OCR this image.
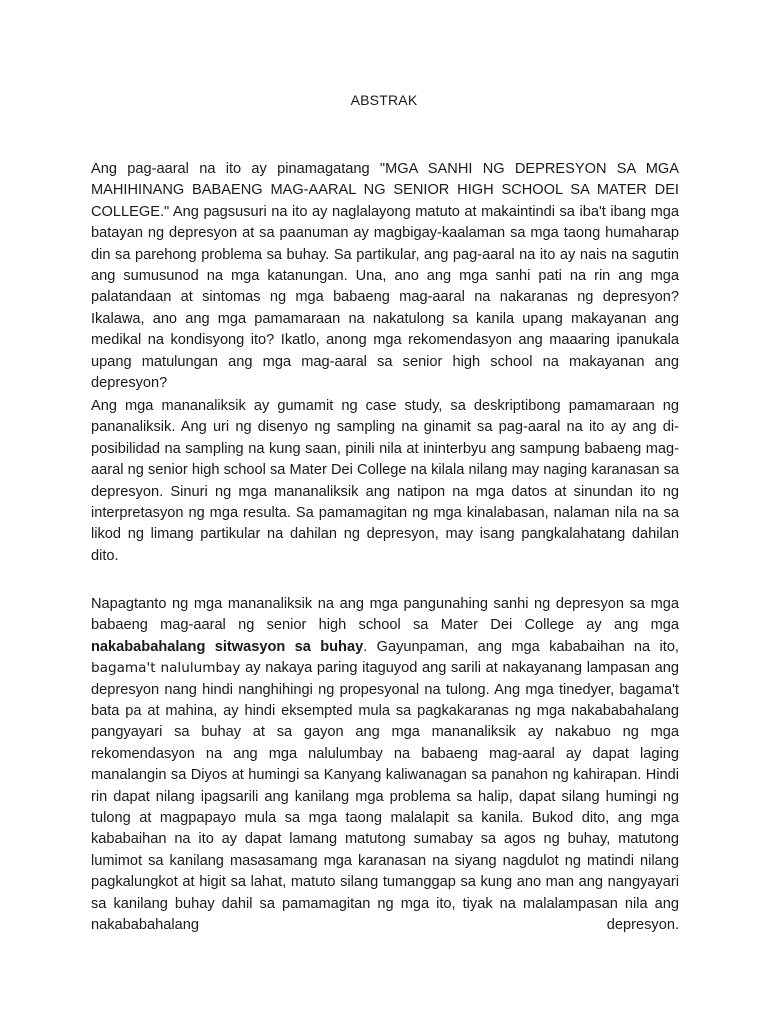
ABSTRAK

Ang pag-aaral na ito ay pinamagatang "MGA SANHI NG DEPRESYON SA MGA MAHIHINANG BABAENG MAG-AARAL NG SENIOR HIGH SCHOOL SA MATER DEI COLLEGE." Ang pagsusuri na ito ay naglalayong matuto at makaintindi sa iba't ibang mga batayan ng depresyon at sa paanuman ay magbigay-kaalaman sa mga taong humaharap din sa parehong problema sa buhay. Sa partikular, ang pag-aaral na ito ay nais na sagutin ang sumusunod na mga katanungan. Una, ano ang mga sanhi pati na rin ang mga palatandaan at sintomas ng mga babaeng mag-aaral na nakaranas ng depresyon? Ikalawa, ano ang mga pamamaraan na nakatulong sa kanila upang makayanan ang medikal na kondisyong ito? Ikatlo, anong mga rekomendasyon ang maaaring ipanukala upang matulungan ang mga mag-aaral sa senior high school na makayanan ang depresyon?

Ang mga mananaliksik ay gumamit ng case study, sa deskriptibong pamamaraan ng pananaliksik. Ang uri ng disenyo ng sampling na ginamit sa pag-aaral na ito ay ang di-posibilidad na sampling na kung saan, pinili nila at ininterbyu ang sampung babaeng mag-aaral ng senior high school sa Mater Dei College na kilala nilang may naging karanasan sa depresyon. Sinuri ng mga mananaliksik ang natipon na mga datos at sinundan ito ng interpretasyon ng mga resulta. Sa pamamagitan ng mga kinalabasan, nalaman nila na sa likod ng limang partikular na dahilan ng depresyon, may isang pangkalahatang dahilan dito.

Napagtanto ng mga mananaliksik na ang mga pangunahing sanhi ng depresyon sa mga babaeng mag-aaral ng senior high school sa Mater Dei College ay ang mga nakababahalang sitwasyon sa buhay. Gayunpaman, ang mga kababaihan na ito, bagama't nalulumbay ay nakaya paring itaguyod ang sarili at nakayanang lampasan ang depresyon nang hindi nanghihingi ng propesyonal na tulong. Ang mga tinedyer, bagama't bata pa at mahina, ay hindi eksempted mula sa pagkakaranas ng mga nakababahalang pangyayari sa buhay at sa gayon ang mga mananaliksik ay nakabuo ng mga rekomendasyon na ang mga nalulumbay na babaeng mag-aaral ay dapat laging manalangin sa Diyos at humingi sa Kanyang kaliwanagan sa panahon ng kahirapan. Hindi rin dapat nilang ipagsarili ang kanilang mga problema sa halip, dapat silang humingi ng tulong at magpapayo mula sa mga taong malalapit sa kanila. Bukod dito, ang mga kababaihan na ito ay dapat lamang matutong sumabay sa agos ng buhay, matutong lumimot sa kanilang masasamang mga karanasan na siyang nagdulot ng matindi nilang pagkalungkot at higit sa lahat, matuto silang tumanggap sa kung ano man ang nangyayari sa kanilang buhay dahil sa pamamagitan ng mga ito, tiyak na malalampasan nila ang nakababahalang depresyon.
